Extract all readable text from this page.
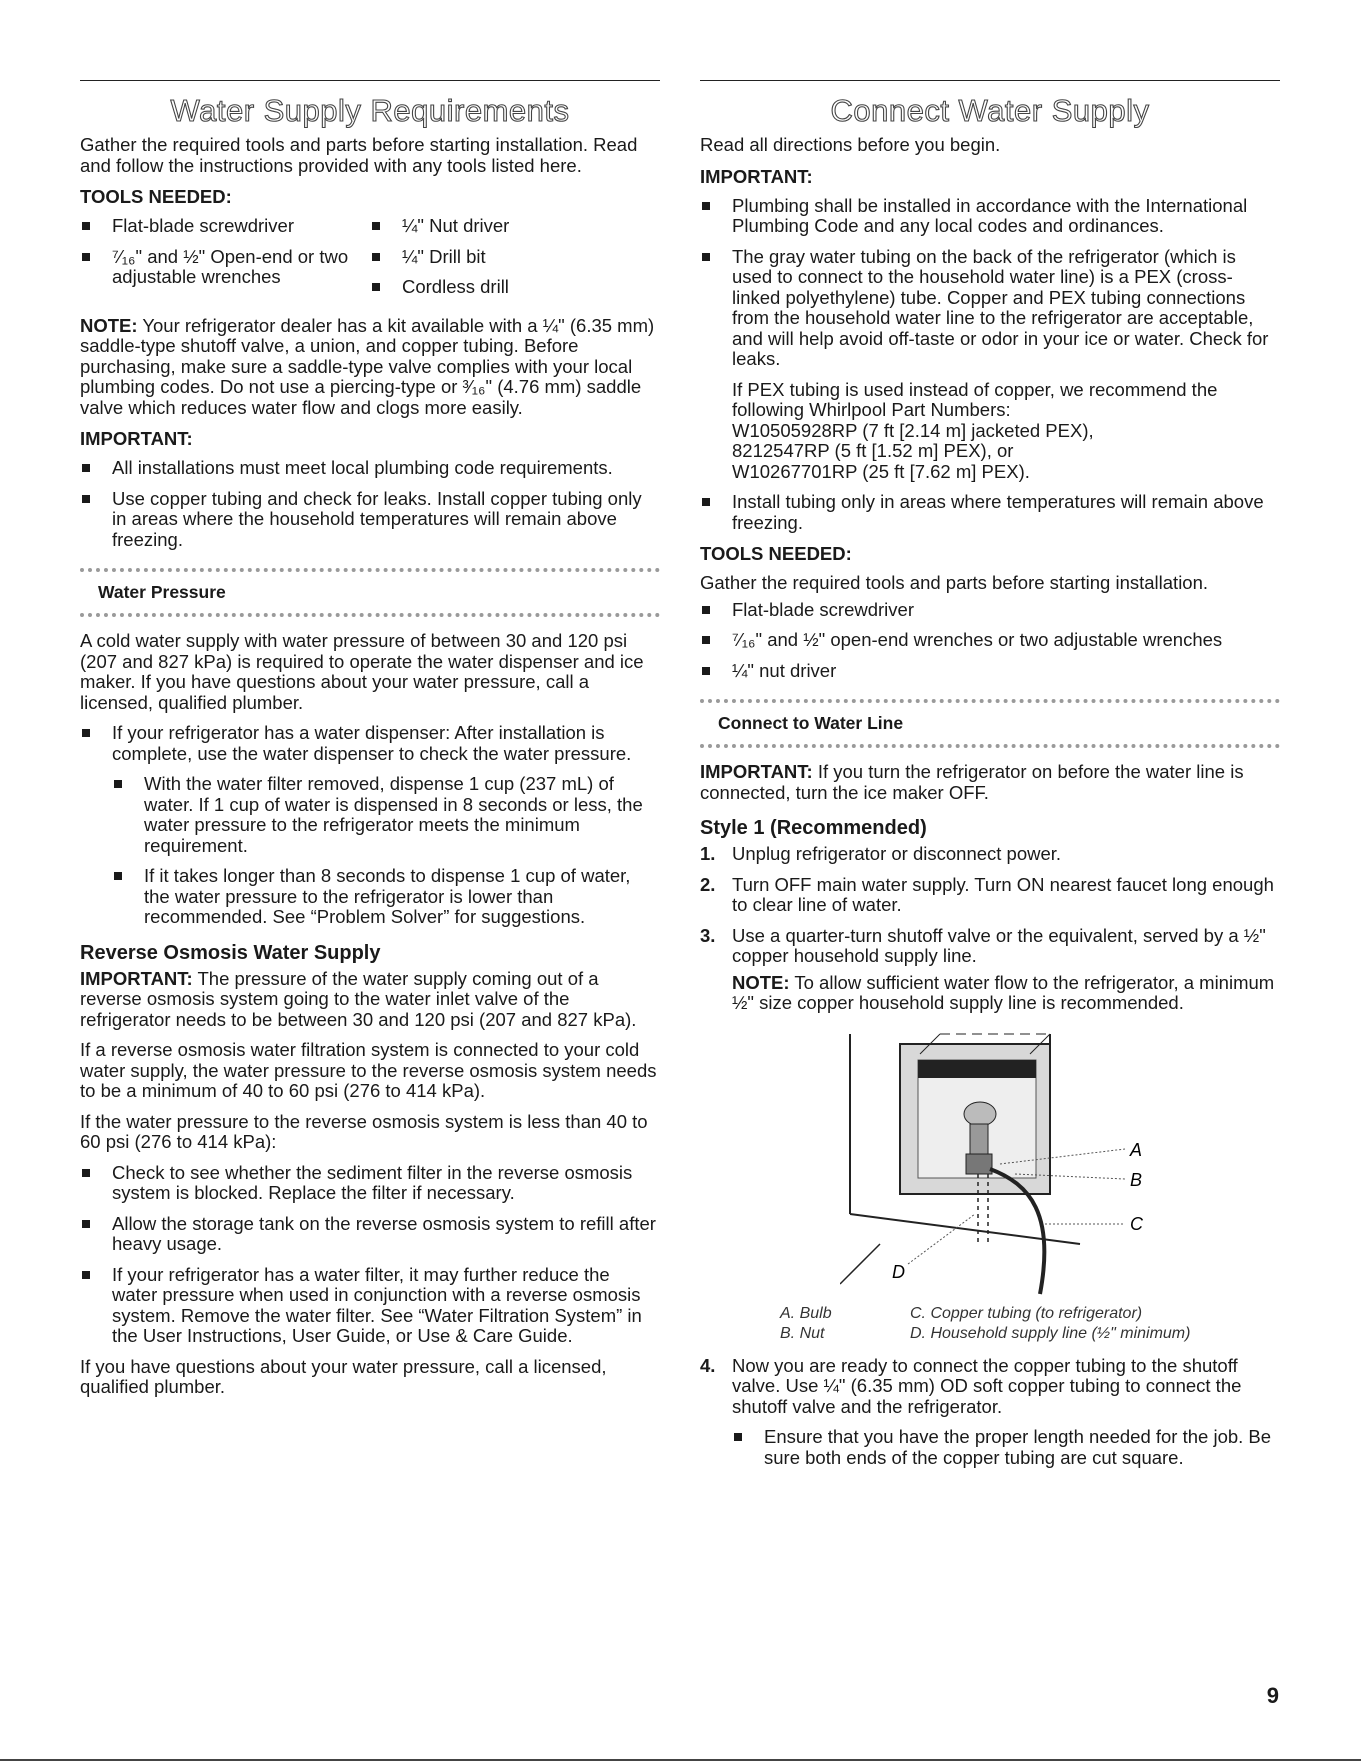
Water Supply Requirements

Gather the required tools and parts before starting installation. Read and follow the instructions provided with any tools listed here.

TOOLS NEEDED:
Flat-blade screwdriver
⁷⁄₁₆" and ½" Open-end or two adjustable wrenches
¼" Nut driver
¼" Drill bit
Cordless drill

NOTE: Your refrigerator dealer has a kit available with a ¼" (6.35 mm) saddle-type shutoff valve, a union, and copper tubing. Before purchasing, make sure a saddle-type valve complies with your local plumbing codes. Do not use a piercing-type or ³⁄₁₆" (4.76 mm) saddle valve which reduces water flow and clogs more easily.

IMPORTANT:
All installations must meet local plumbing code requirements.
Use copper tubing and check for leaks. Install copper tubing only in areas where the household temperatures will remain above freezing.
Water Pressure

A cold water supply with water pressure of between 30 and 120 psi (207 and 827 kPa) is required to operate the water dispenser and ice maker. If you have questions about your water pressure, call a licensed, qualified plumber.

If your refrigerator has a water dispenser: After installation is complete, use the water dispenser to check the water pressure.
With the water filter removed, dispense 1 cup (237 mL) of water. If 1 cup of water is dispensed in 8 seconds or less, the water pressure to the refrigerator meets the minimum requirement.
If it takes longer than 8 seconds to dispense 1 cup of water, the water pressure to the refrigerator is lower than recommended. See “Problem Solver” for suggestions.
Reverse Osmosis Water Supply

IMPORTANT: The pressure of the water supply coming out of a reverse osmosis system going to the water inlet valve of the refrigerator needs to be between 30 and 120 psi (207 and 827 kPa).

If a reverse osmosis water filtration system is connected to your cold water supply, the water pressure to the reverse osmosis system needs to be a minimum of 40 to 60 psi (276 to 414 kPa).

If the water pressure to the reverse osmosis system is less than 40 to 60 psi (276 to 414 kPa):

Check to see whether the sediment filter in the reverse osmosis system is blocked. Replace the filter if necessary.
Allow the storage tank on the reverse osmosis system to refill after heavy usage.
If your refrigerator has a water filter, it may further reduce the water pressure when used in conjunction with a reverse osmosis system. Remove the water filter. See “Water Filtration System” in the User Instructions, User Guide, or Use & Care Guide.

If you have questions about your water pressure, call a licensed, qualified plumber.

Connect Water Supply

Read all directions before you begin.

IMPORTANT:
Plumbing shall be installed in accordance with the International Plumbing Code and any local codes and ordinances.
The gray water tubing on the back of the refrigerator (which is used to connect to the household water line) is a PEX (cross-linked polyethylene) tube. Copper and PEX tubing connections from the household water line to the refrigerator are acceptable, and will help avoid off-taste or odor in your ice or water. Check for leaks.

If PEX tubing is used instead of copper, we recommend the following Whirlpool Part Numbers:

W10505928RP (7 ft [2.14 m] jacketed PEX),

8212547RP (5 ft [1.52 m] PEX), or

W10267701RP (25 ft [7.62 m] PEX).

Install tubing only in areas where temperatures will remain above freezing.
TOOLS NEEDED:

Gather the required tools and parts before starting installation.

Flat-blade screwdriver
⁷⁄₁₆" and ½" open-end wrenches or two adjustable wrenches
¼" nut driver
Connect to Water Line

IMPORTANT: If you turn the refrigerator on before the water line is connected, turn the ice maker OFF.

Style 1 (Recommended)
1. Unplug refrigerator or disconnect power.
2. Turn OFF main water supply. Turn ON nearest faucet long enough to clear line of water.
3. Use a quarter-turn shutoff valve or the equivalent, served by a ½" copper household supply line.

NOTE: To allow sufficient water flow to the refrigerator, a minimum ½" size copper household supply line is recommended.

A
B
C
D
A. Bulb	C. Copper tubing (to refrigerator)
B. Nut	D. Household supply line (½" minimum)
4. Now you are ready to connect the copper tubing to the shutoff valve. Use ¼" (6.35 mm) OD soft copper tubing to connect the shutoff valve and the refrigerator.
Ensure that you have the proper length needed for the job. Be sure both ends of the copper tubing are cut square.
9
